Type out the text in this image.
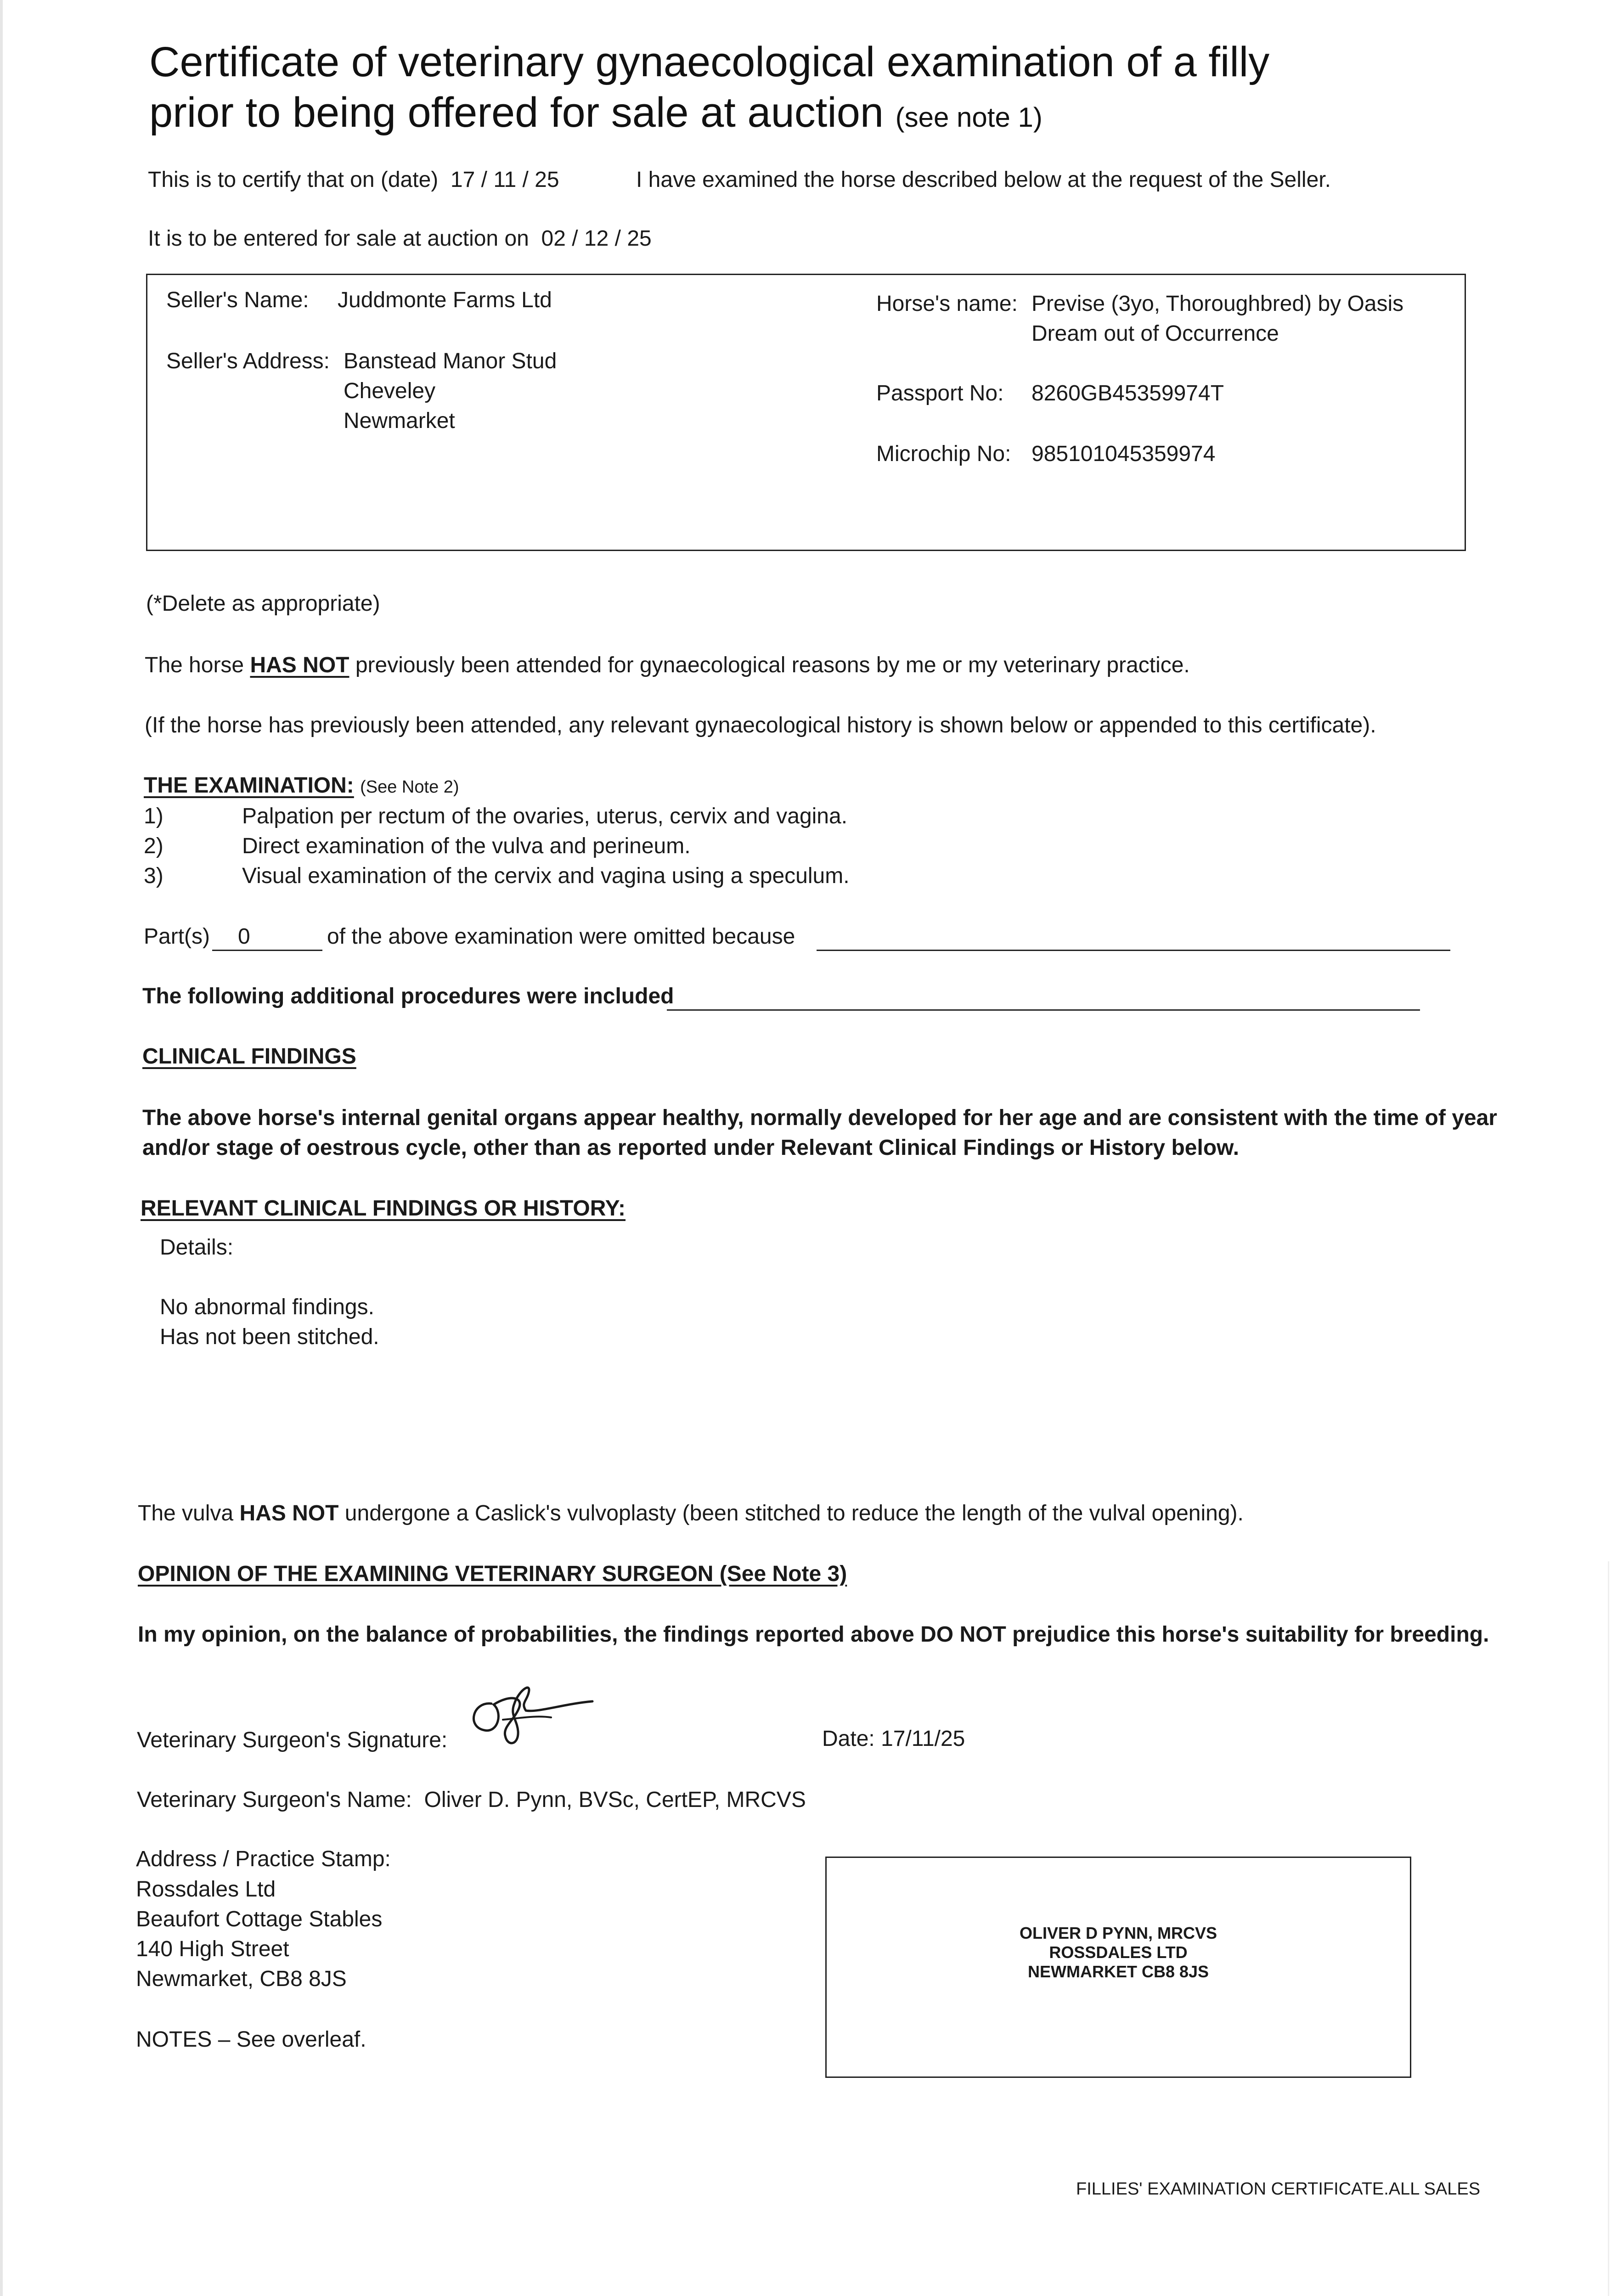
Certificate of veterinary gynaecological examination of a filly
prior to being offered for sale at auction (see note 1)
This is to certify that on (date) 17 / 11 / 25	I have examined the horse described below at the request of the Seller.
It is to be entered for sale at auction on 02 / 12 / 25
Seller's Name: Juddmonte Farms Ltd
Seller's Address: Banstead Manor Stud
Cheveley
Newmarket
Horse's name: Previse (3yo, Thoroughbred) by Oasis
Dream out of Occurrence
Passport No: 8260GB45359974T
Microchip No: 985101045359974
(*Delete as appropriate)
The horse HAS NOT previously been attended for gynaecological reasons by me or my veterinary practice.
(If the horse has previously been attended, any relevant gynaecological history is shown below or appended to this certificate).
THE EXAMINATION: (See Note 2)
1)	Palpation per rectum of the ovaries, uterus, cervix and vagina.
2)	Direct examination of the vulva and perineum.
3)	Visual examination of the cervix and vagina using a speculum.
Part(s) 0	of the above examination were omitted because
The following additional procedures were included
CLINICAL FINDINGS
The above horse's internal genital organs appear healthy, normally developed for her age and are consistent with the time of year
and/or stage of oestrous cycle, other than as reported under Relevant Clinical Findings or History below.
RELEVANT CLINICAL FINDINGS OR HISTORY:
Details:
No abnormal findings.
Has not been stitched.
The vulva HAS NOT undergone a Caslick's vulvoplasty (been stitched to reduce the length of the vulval opening).
OPINION OF THE EXAMINING VETERINARY SURGEON (See Note 3)
In my opinion, on the balance of probabilities, the findings reported above DO NOT prejudice this horse's suitability for breeding.
Veterinary Surgeon's Signature:	Date: 17/11/25
Veterinary Surgeon's Name: Oliver D. Pynn, BVSc, CertEP, MRCVS
Address / Practice Stamp:
Rossdales Ltd
Beaufort Cottage Stables
140 High Street
Newmarket, CB8 8JS
NOTES – See overleaf.
OLIVER D PYNN, MRCVS
ROSSDALES LTD
NEWMARKET CB8 8JS
FILLIES' EXAMINATION CERTIFICATE.ALL SALES
